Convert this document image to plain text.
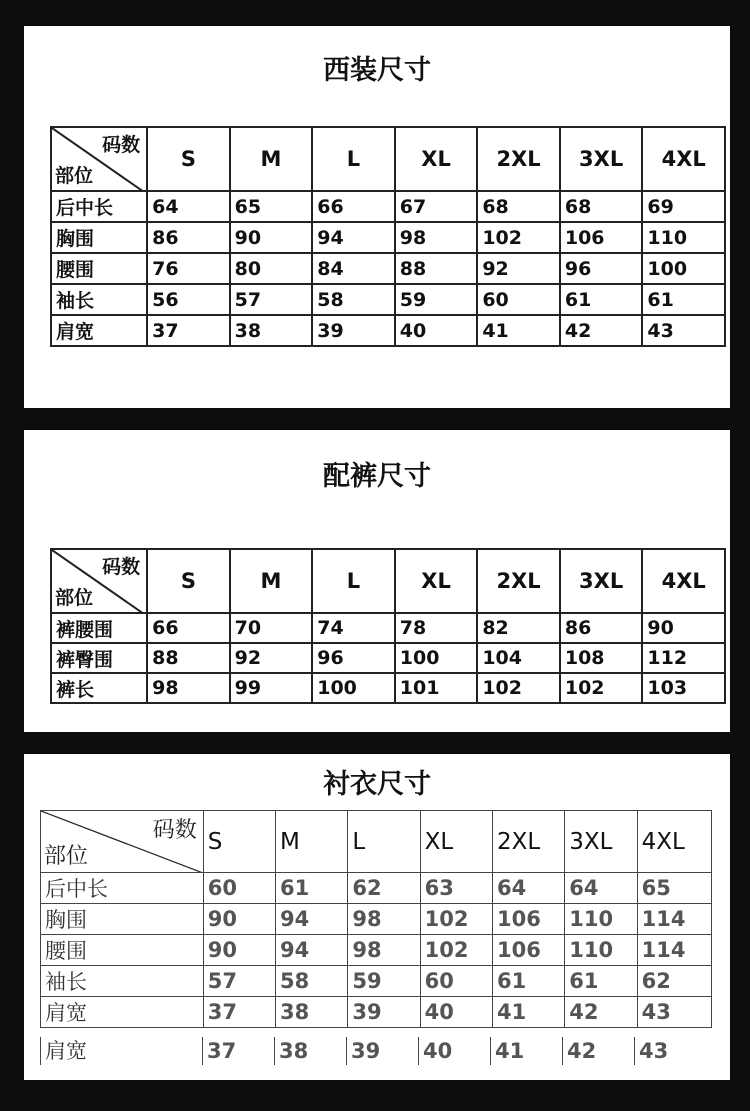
西装尺寸
码数
部位	S	M	L	XL	2XL	3XL	4XL
后中长	64	65	66	67	68	68	69
胸围	86	90	94	98	102	106	110
腰围	76	80	84	88	92	96	100
袖长	56	57	58	59	60	61	61
肩宽	37	38	39	40	41	42	43
配裤尺寸
码数
部位	S	M	L	XL	2XL	3XL	4XL
裤腰围	66	70	74	78	82	86	90
裤臀围	88	92	96	100	104	108	112
裤长	98	99	100	101	102	102	103
衬衣尺寸
码数
部位	S	M	L	XL	2XL	3XL	4XL
后中长	60	61	62	63	64	64	65
胸围	90	94	98	102	106	110	114
腰围	90	94	98	102	106	110	114
袖长	57	58	59	60	61	61	62
肩宽	37	38	39	40	41	42	43
肩宽	37 38 39 40 41 42 43
